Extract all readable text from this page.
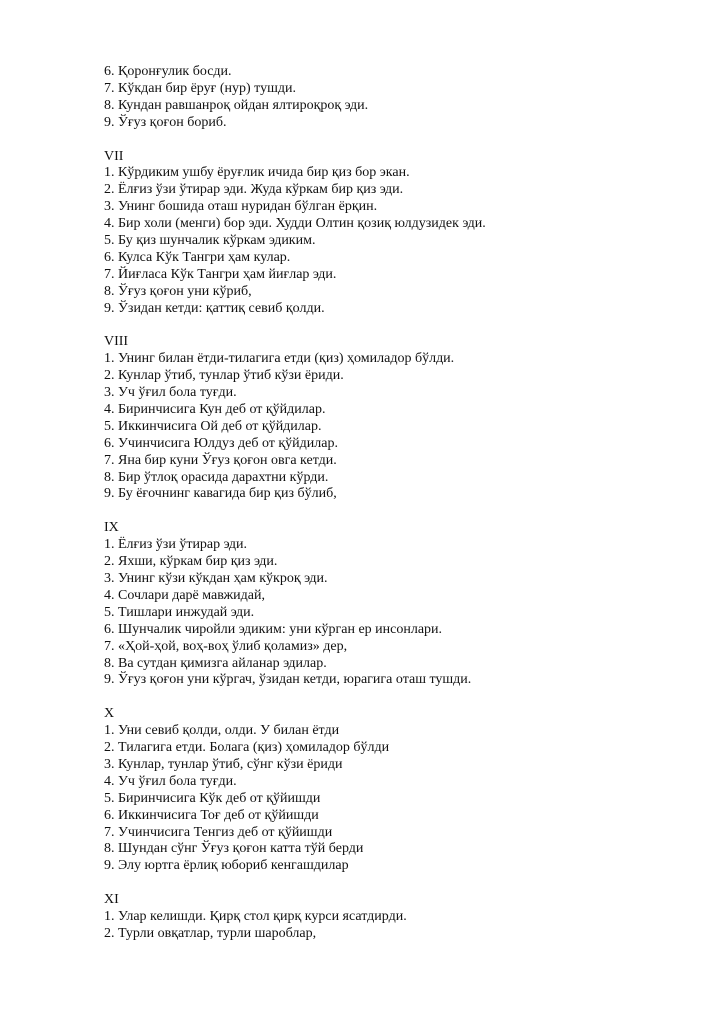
6. Қоронғулик босди.
7. Кўкдан бир ёруғ (нур) тушди.
8. Кундан равшанроқ ойдан ялтироқроқ эди.
9. Ўғуз қоғон бориб.
VII
1. Кўрдиким ушбу ёруғлик ичида бир қиз бор экан.
2. Ёлғиз ўзи ўтирар эди. Жуда кўркам бир қиз эди.
3. Унинг бошида оташ нуридан бўлган ёрқин.
4. Бир холи (менги) бор эди. Худди Олтин қозиқ юлдузидек эди.
5. Бу қиз шунчалик кўркам эдиким.
6. Кулса Кўк Тангри ҳам кулар.
7. Йиғласа Кўк Тангри ҳам йиғлар эди.
8. Ўғуз қоғон уни кўриб,
9. Ўзидан кетди: қаттиқ севиб қолди.
VIII
1. Унинг билан ётди-тилагига етди (қиз) ҳомиладор бўлди.
2. Кунлар ўтиб, тунлар ўтиб кўзи ёриди.
3. Уч ўғил бола туғди.
4. Биринчисига Кун деб от қўйдилар.
5. Иккинчисига Ой деб от қўйдилар.
6. Учинчисига Юлдуз деб от қўйдилар.
7. Яна бир куни Ўғуз қоғон овга кетди.
8. Бир ўтлоқ орасида дарахтни кўрди.
9. Бу ёғочнинг кавагида бир қиз бўлиб,
IX
1. Ёлғиз ўзи ўтирар эди.
2. Яхши, кўркам бир қиз эди.
3. Унинг кўзи кўкдан ҳам кўкроқ эди.
4. Сочлари дарё мавжидай,
5. Тишлари инжудай эди.
6. Шунчалик чиройли эдиким: уни кўрган ер инсонлари.
7. «Ҳой-ҳой, воҳ-воҳ ўлиб қоламиз» дер,
8. Ва сутдан қимизга айланар эдилар.
9. Ўғуз қоғон уни кўргач, ўзидан кетди, юрагига оташ тушди.
X
1. Уни севиб қолди, олди. У билан ётди
2. Тилагига етди. Болага (қиз) ҳомиладор бўлди
3. Кунлар, тунлар ўтиб, сўнг кўзи ёриди
4. Уч ўғил бола туғди.
5. Биринчисига Кўк деб от қўйишди
6. Иккинчисига Тоғ деб от қўйишди
7. Учинчисига Тенгиз деб от қўйишди
8. Шундан сўнг Ўғуз қоғон катта тўй берди
9. Элу юртга ёрлиқ юбориб кенгашдилар
XI
1. Улар келишди. Қирқ стол қирқ курси ясатдирди.
2. Турли овқатлар, турли шароблар,
